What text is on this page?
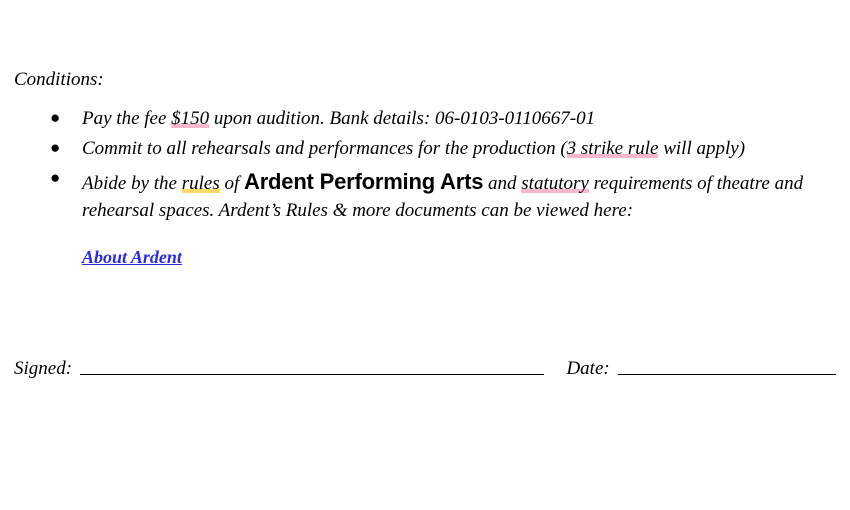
Conditions:

● Pay the fee $150 upon audition. Bank details: 06-0103-0110667-01
● Commit to all rehearsals and performances for the production (3 strike rule will apply)
● Abide by the rules of Ardent Performing Arts and statutory requirements of theatre and rehearsal spaces. Ardent’s Rules & more documents can be viewed here:
About Ardent
Signed:	Date:
